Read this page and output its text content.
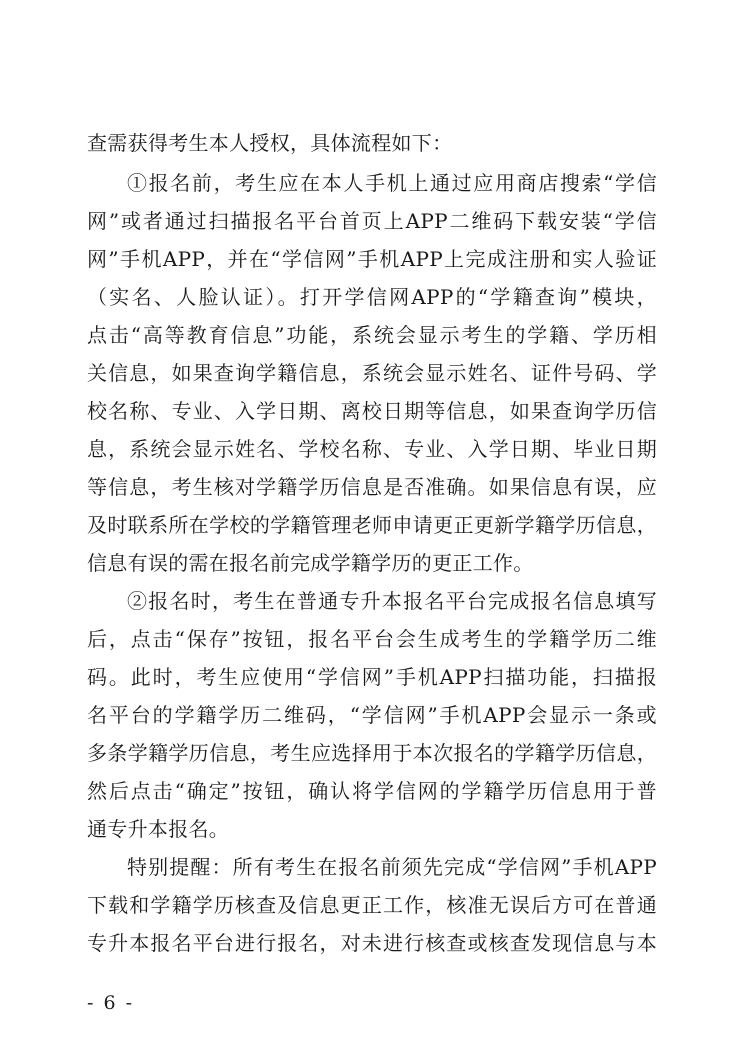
查需获得考生本人授权，具体流程如下：
①报名前，考生应在本人手机上通过应用商店搜索“学信
网”或者通过扫描报名平台首页上APP二维码下载安装“学信
网”手机APP，并在“学信网”手机APP上完成注册和实人验证
（实名、人脸认证）。打开学信网APP的“学籍查询”模块，
点击“高等教育信息”功能，系统会显示考生的学籍、学历相
关信息，如果查询学籍信息，系统会显示姓名、证件号码、学
校名称、专业、入学日期、离校日期等信息，如果查询学历信
息，系统会显示姓名、学校名称、专业、入学日期、毕业日期
等信息，考生核对学籍学历信息是否准确。如果信息有误，应
及时联系所在学校的学籍管理老师申请更正更新学籍学历信息，
信息有误的需在报名前完成学籍学历的更正工作。
②报名时，考生在普通专升本报名平台完成报名信息填写
后，点击“保存”按钮，报名平台会生成考生的学籍学历二维
码。此时，考生应使用“学信网”手机APP扫描功能，扫描报
名平台的学籍学历二维码，“学信网”手机APP会显示一条或
多条学籍学历信息，考生应选择用于本次报名的学籍学历信息，
然后点击“确定”按钮，确认将学信网的学籍学历信息用于普
通专升本报名。
特别提醒：所有考生在报名前须先完成“学信网”手机APP
下载和学籍学历核查及信息更正工作，核准无误后方可在普通
专升本报名平台进行报名，对未进行核查或核查发现信息与本
- 6 -
